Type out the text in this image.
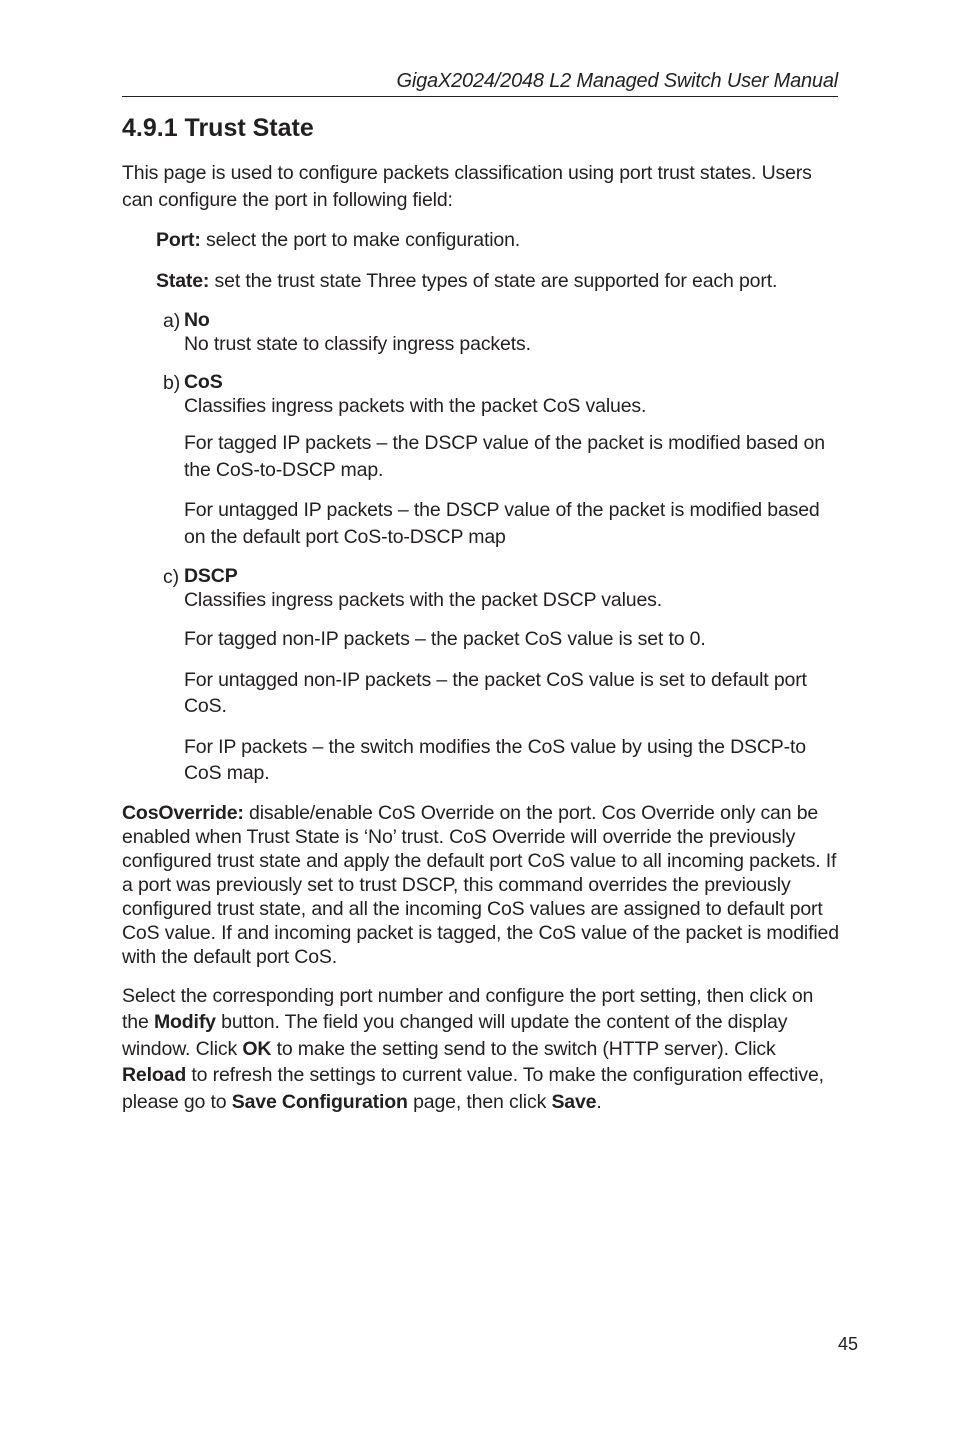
GigaX2024/2048 L2 Managed Switch User Manual
4.9.1 Trust State

This page is used to configure packets classification using port trust states. Users can configure the port in following field:

Port: select the port to make configuration.

State: set the trust state Three types of state are supported for each port.

a) No

No trust state to classify ingress packets.

b) CoS

Classifies ingress packets with the packet CoS values.

For tagged IP packets – the DSCP value of the packet is modified based on the CoS-to-DSCP map.

For untagged IP packets – the DSCP value of the packet is modified based on the default port CoS-to-DSCP map

c) DSCP

Classifies ingress packets with the packet DSCP values.

For tagged non-IP packets – the packet CoS value is set to 0.

For untagged non-IP packets – the packet CoS value is set to default port CoS.

For IP packets – the switch modifies the CoS value by using the DSCP-to CoS map.

CosOverride: disable/enable CoS Override on the port. Cos Override only can be enabled when Trust State is ‘No’ trust. CoS Override will override the previously configured trust state and apply the default port CoS value to all incoming packets. If a port was previously set to trust DSCP, this command overrides the previously configured trust state, and all the incoming CoS values are assigned to default port CoS value. If and incoming packet is tagged, the CoS value of the packet is modified with the default port CoS.

Select the corresponding port number and configure the port setting, then click on the Modify button. The field you changed will update the content of the display window. Click OK to make the setting send to the switch (HTTP server). Click Reload to refresh the settings to current value. To make the configuration effective, please go to Save Configuration page, then click Save.

45
